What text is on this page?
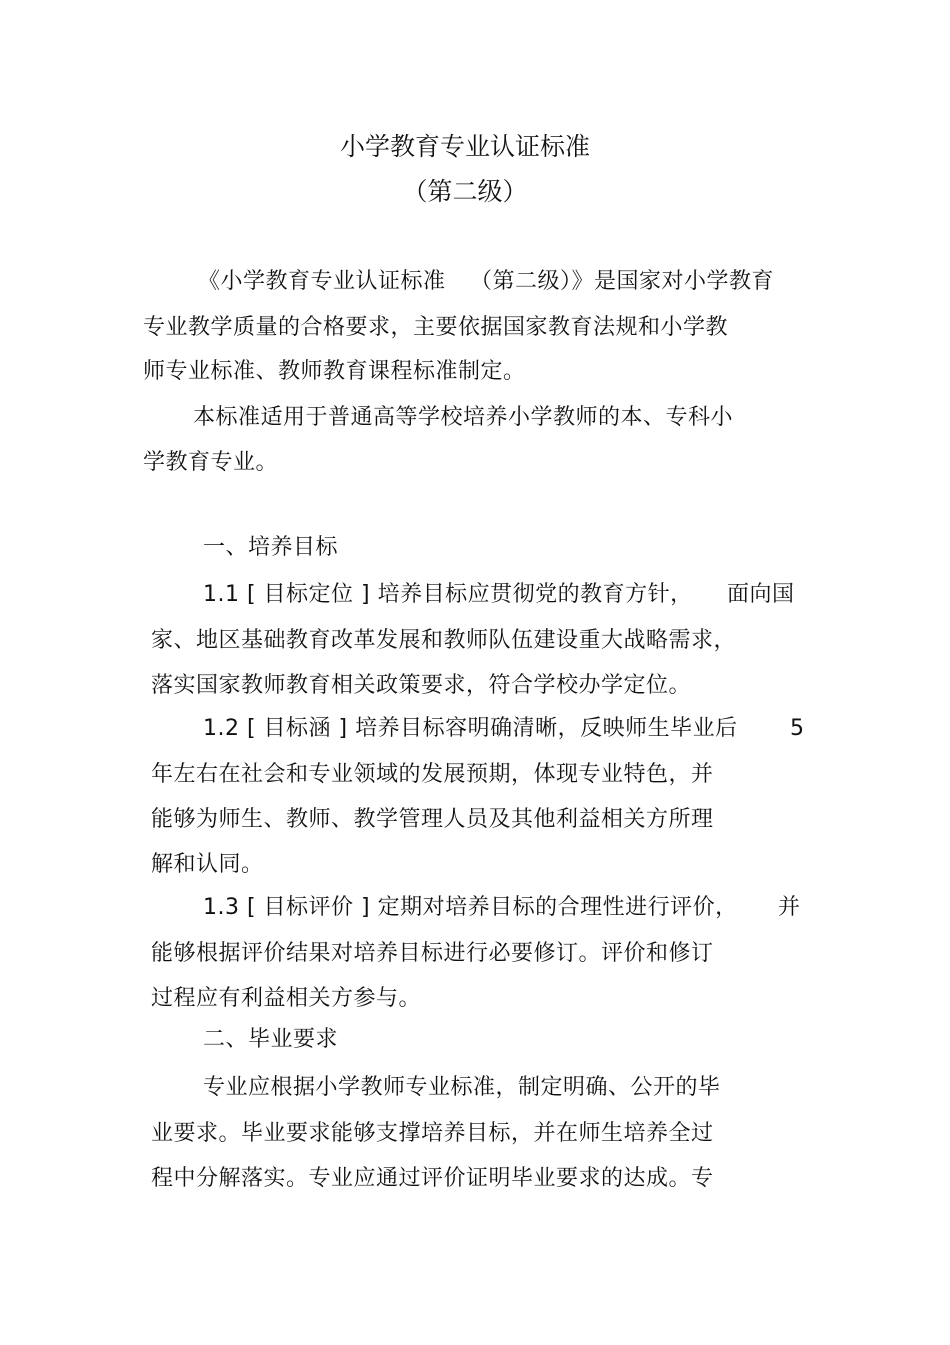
小学教育专业认证标准
（第二级）
《小学教育专业认证标准 （第二级）》是国家对小学教育
专业教学质量的合格要求，主要依据国家教育法规和小学教
师专业标准、教师教育课程标准制定。
本标准适用于普通高等学校培养小学教师的本、专科小
学教育专业。
一、培养目标
1.1 [ 目标定位 ] 培养目标应贯彻党的教育方针， 面向国
家、地区基础教育改革发展和教师队伍建设重大战略需求，
落实国家教师教育相关政策要求，符合学校办学定位。
1.2 [ 目标涵 ] 培养目标容明确清晰，反映师生毕业后 5
年左右在社会和专业领域的发展预期，体现专业特色，并
能够为师生、教师、教学管理人员及其他利益相关方所理
解和认同。
1.3 [ 目标评价 ] 定期对培养目标的合理性进行评价， 并
能够根据评价结果对培养目标进行必要修订。评价和修订
过程应有利益相关方参与。
二、毕业要求
专业应根据小学教师专业标准，制定明确、公开的毕
业要求。毕业要求能够支撑培养目标，并在师生培养全过
程中分解落实。专业应通过评价证明毕业要求的达成。专
